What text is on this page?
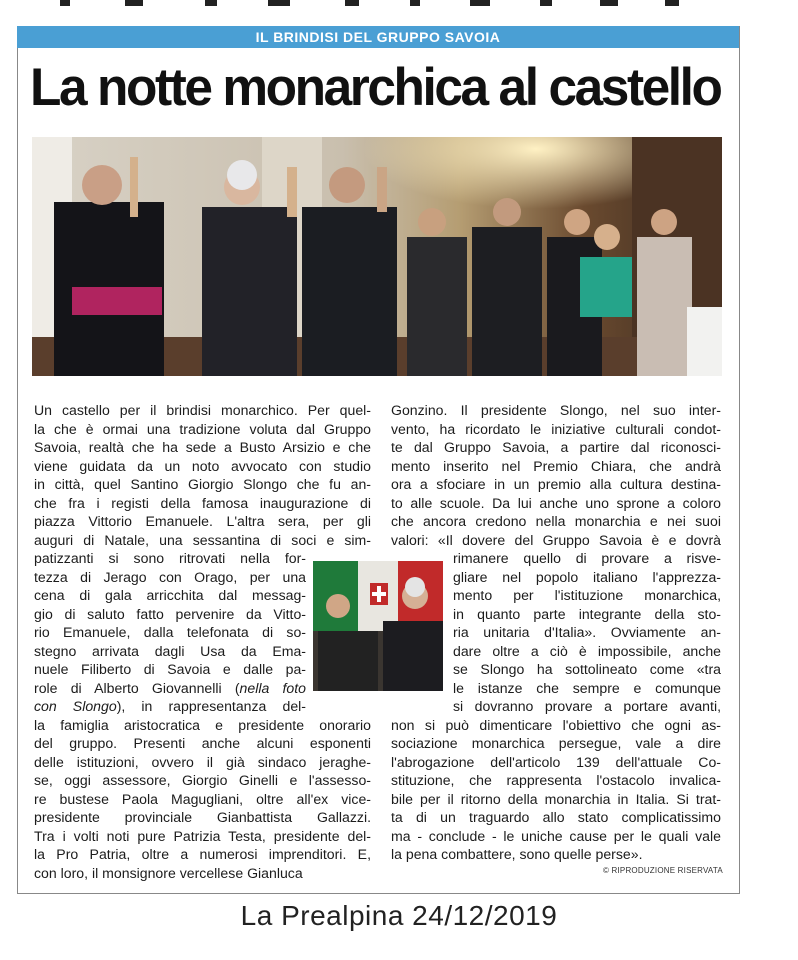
IL BRINDISI DEL GRUPPO SAVOIA
La notte monarchica al castello
Un castello per il brindisi monarchico. Per quel-
la che è ormai una tradizione voluta dal Gruppo
Savoia, realtà che ha sede a Busto Arsizio e che
viene guidata da un noto avvocato con studio
in città, quel Santino Giorgio Slongo che fu an-
che fra i registi della famosa inaugurazione di
piazza Vittorio Emanuele. L'altra sera, per gli
auguri di Natale, una sessantina di soci e sim-
patizzanti si sono ritrovati nella for-
tezza di Jerago con Orago, per una
cena di gala arricchita dal messag-
gio di saluto fatto pervenire da Vitto-
rio Emanuele, dalla telefonata di so-
stegno arrivata dagli Usa da Ema-
nuele Filiberto di Savoia e dalle pa-
role di Alberto Giovannelli (nella foto
con Slongo), in rappresentanza del-
la famiglia aristocratica e presidente onorario
del gruppo. Presenti anche alcuni esponenti
delle istituzioni, ovvero il già sindaco jeraghe-
se, oggi assessore, Giorgio Ginelli e l'assesso-
re bustese Paola Magugliani, oltre all'ex vice-
presidente provinciale Gianbattista Gallazzi.
Tra i volti noti pure Patrizia Testa, presidente del-
la Pro Patria, oltre a numerosi imprenditori. E,
con loro, il monsignore vercellese Gianluca
Gonzino. Il presidente Slongo, nel suo inter-
vento, ha ricordato le iniziative culturali condot-
te dal Gruppo Savoia, a partire dal riconosci-
mento inserito nel Premio Chiara, che andrà
ora a sfociare in un premio alla cultura destina-
to alle scuole. Da lui anche uno sprone a coloro
che ancora credono nella monarchia e nei suoi
valori: «Il dovere del Gruppo Savoia è e dovrà
rimanere quello di provare a risve-
gliare nel popolo italiano l'apprezza-
mento per l'istituzione monarchica,
in quanto parte integrante della sto-
ria unitaria d'Italia». Ovviamente an-
dare oltre a ciò è impossibile, anche
se Slongo ha sottolineato come «tra
le istanze che sempre e comunque
si dovranno provare a portare avanti,
non si può dimenticare l'obiettivo che ogni as-
sociazione monarchica persegue, vale a dire
l'abrogazione dell'articolo 139 dell'attuale Co-
stituzione, che rappresenta l'ostacolo invalica-
bile per il ritorno della monarchia in Italia. Si trat-
ta di un traguardo allo stato complicatissimo
ma - conclude - le uniche cause per le quali vale
la pena combattere, sono quelle perse».
© RIPRODUZIONE RISERVATA
La Prealpina 24/12/2019
